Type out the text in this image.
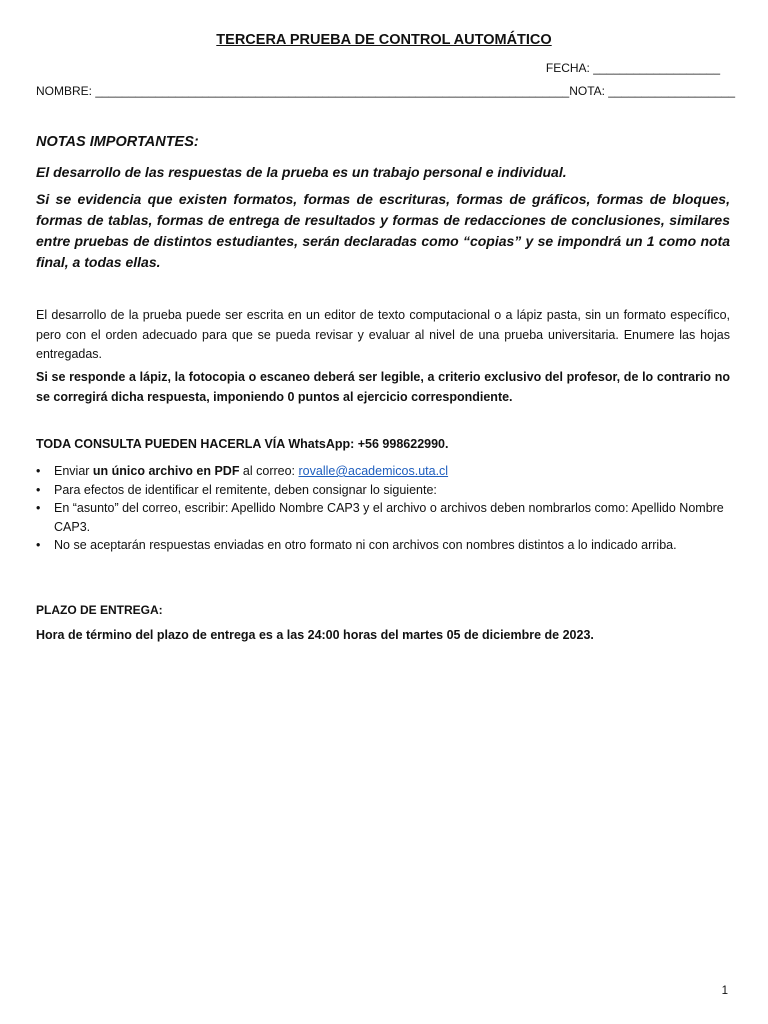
TERCERA PRUEBA DE CONTROL AUTOMÁTICO
FECHA: ___________________
NOMBRE: _______________________________________________________________________ NOTA: ___________________
NOTAS IMPORTANTES:
El desarrollo de las respuestas de la prueba es un trabajo personal e individual.
Si se evidencia que existen formatos, formas de escrituras, formas de gráficos, formas de bloques, formas de tablas, formas de entrega de resultados y formas de redacciones de conclusiones, similares entre pruebas de distintos estudiantes, serán declaradas como “copias” y se impondrá un 1 como nota final, a todas ellas.
El desarrollo de la prueba puede ser escrita en un editor de texto computacional o a lápiz pasta, sin un formato específico, pero con el orden adecuado para que se pueda revisar y evaluar al nivel de una prueba universitaria. Enumere las hojas entregadas.
Si se responde a lápiz, la fotocopia o escaneo deberá ser legible, a criterio exclusivo del profesor, de lo contrario no se corregirá dicha respuesta, imponiendo 0 puntos al ejercicio correspondiente.
TODA CONSULTA PUEDEN HACERLA VÍA WhatsApp: +56 998622990.
•	Enviar un único archivo en PDF al correo: rovalle@academicos.uta.cl
•	Para efectos de identificar el remitente, deben consignar lo siguiente:
•	En “asunto” del correo, escribir: Apellido Nombre CAP3 y el archivo o archivos deben nombrarlos como: Apellido Nombre CAP3.
•	No se aceptarán respuestas enviadas en otro formato ni con archivos con nombres distintos a lo indicado arriba.
PLAZO DE ENTREGA:
Hora de término del plazo de entrega es a las 24:00 horas del martes 05 de diciembre de 2023.
1
